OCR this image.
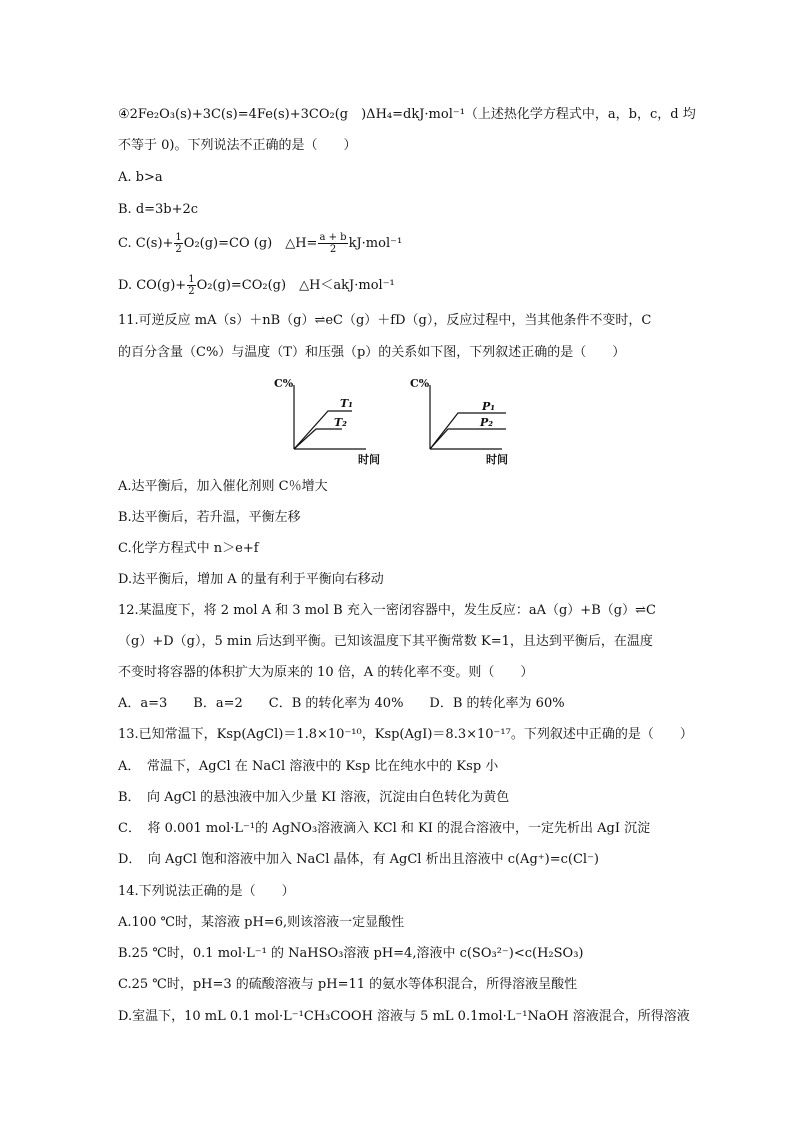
④2Fe₂O₃(s)+3C(s)=4Fe(s)+3CO₂(g　)ΔH₄=dkJ·mol⁻¹（上述热化学方程式中，a，b，c，d 均
不等于 0)。下列说法不正确的是（　　）
A. b>a
B. d=3b+2c
C. $C(s)+ \frac{1}{2} O_2(g)=CO$ (g)　△H= $\frac{a + b}{2} kJ\cdot mol^{-1}$
D. $CO(g)+ \frac{1}{2} O_2(g)=CO_2(g)$　△H＜akJ·mol⁻¹
11.可逆反应 mA（s）＋nB（g）⇌eC（g）＋fD（g），反应过程中，当其他条件不变时，C
的百分含量（C%）与温度（T）和压强（p）的关系如下图，下列叙述正确的是（　　）
C%
时间
T₁
T₂
C%
时间
P₁
P₂
A.达平衡后，加入催化剂则 C％增大
B.达平衡后，若升温，平衡左移
C.化学方程式中 n＞e+f
D.达平衡后，增加 A 的量有利于平衡向右移动
12.某温度下，将 2 mol A 和 3 mol B 充入一密闭容器中，发生反应：aA（g）+B（g）⇌C
（g）+D（g），5 min 后达到平衡。已知该温度下其平衡常数 K=1，且达到平衡后，在温度
不变时将容器的体积扩大为原来的 10 倍，A 的转化率不变。则（　　）
A．a=3　　B．a=2　　C．B 的转化率为 40%　　D．B 的转化率为 60%
13.已知常温下，Ksp(AgCl)＝1.8×10⁻¹⁰，Ksp(AgI)＝8.3×10⁻¹⁷。下列叙述中正确的是（　　）
A．　常温下，AgCl 在 NaCl 溶液中的 Ksp 比在纯水中的 Ksp 小
B．　向 AgCl 的悬浊液中加入少量 KI 溶液，沉淀由白色转化为黄色
C．　将 0.001 mol·L⁻¹的 AgNO₃溶液滴入 KCl 和 KI 的混合溶液中，一定先析出 AgI 沉淀
D．　向 AgCl 饱和溶液中加入 NaCl 晶体，有 AgCl 析出且溶液中 c(Ag⁺)=c(Cl⁻)
14.下列说法正确的是（　　）
A.100 ℃时，某溶液 pH=6,则该溶液一定显酸性
B.25 ℃时，0.1 mol·L⁻¹ 的 NaHSO₃溶液 pH=4,溶液中 c(SO₃²⁻)<c(H₂SO₃)
C.25 ℃时，pH=3 的硫酸溶液与 pH=11 的氨水等体积混合，所得溶液呈酸性
D.室温下，10 mL 0.1 mol·L⁻¹CH₃COOH 溶液与 5 mL 0.1mol·L⁻¹NaOH 溶液混合，所得溶液
